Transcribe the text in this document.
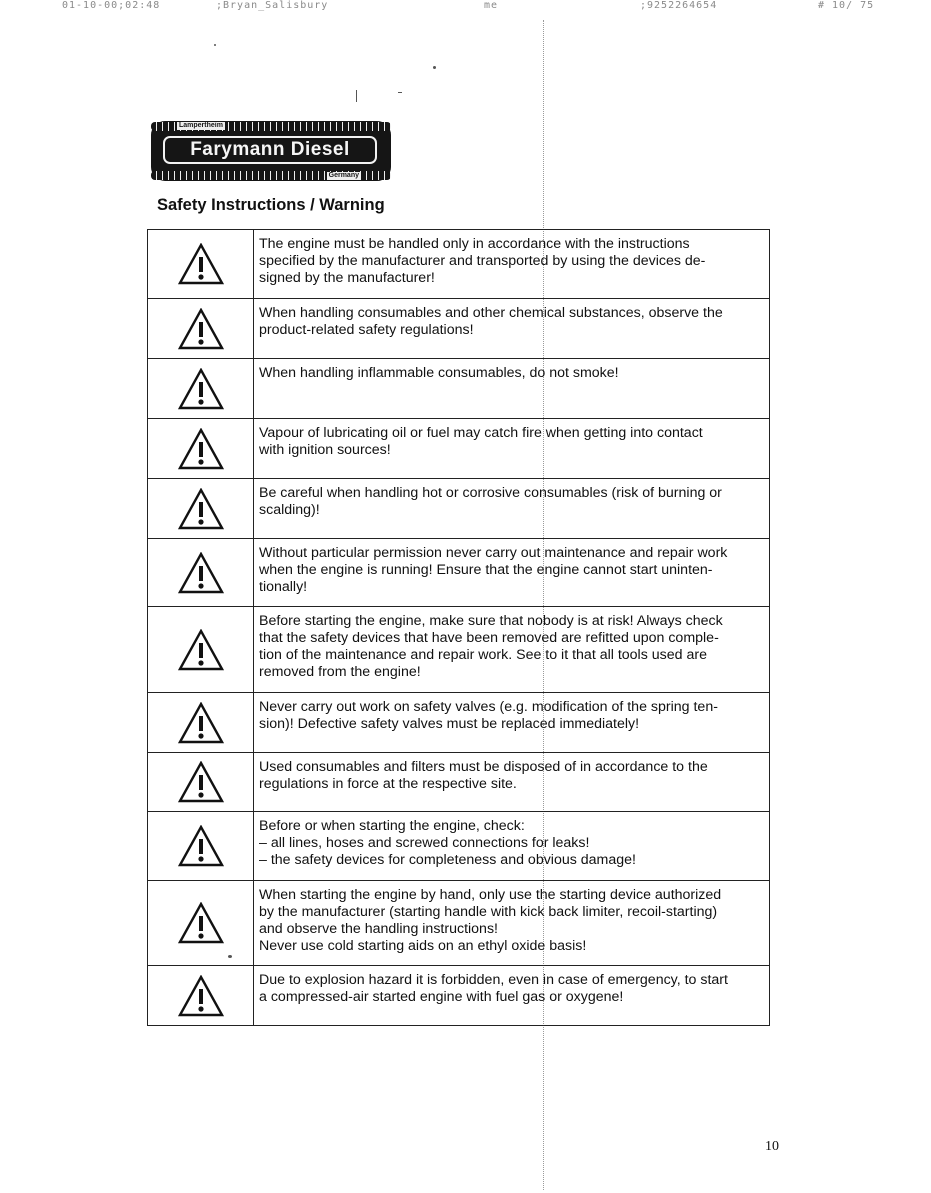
01-10-00;02:48	;Bryan_Salisbury	me	;9252264654	# 10/ 75
Lampertheim
Germany
Farymann Diesel
Safety Instructions / Warning
The engine must be handled only in accordance with the instructions
specified by the manufacturer and transported by using the devices de-
signed by the manufacturer!
When handling consumables and other chemical substances, observe the
product-related safety regulations!
When handling inflammable consumables, do not smoke!
Vapour of lubricating oil or fuel may catch fire when getting into contact
with ignition sources!
Be careful when handling hot or corrosive consumables (risk of burning or
scalding)!
Without particular permission never carry out maintenance and repair work
when the engine is running! Ensure that the engine cannot start uninten-
tionally!
Before starting the engine, make sure that nobody is at risk! Always check
that the safety devices that have been removed are refitted upon comple-
tion of the maintenance and repair work. See to it that all tools used are
removed from the engine!
Never carry out work on safety valves (e.g. modification of the spring ten-
sion)! Defective safety valves must be replaced immediately!
Used consumables and filters must be disposed of in accordance to the
regulations in force at the respective site.
Before or when starting the engine, check:
– all lines, hoses and screwed connections for leaks!
– the safety devices for completeness and obvious damage!
When starting the engine by hand, only use the starting device authorized
by the manufacturer (starting handle with kick back limiter, recoil-starting)
and observe the handling instructions!
Never use cold starting aids on an ethyl oxide basis!
Due to explosion hazard it is forbidden, even in case of emergency, to start
a compressed-air started engine with fuel gas or oxygene!
10
